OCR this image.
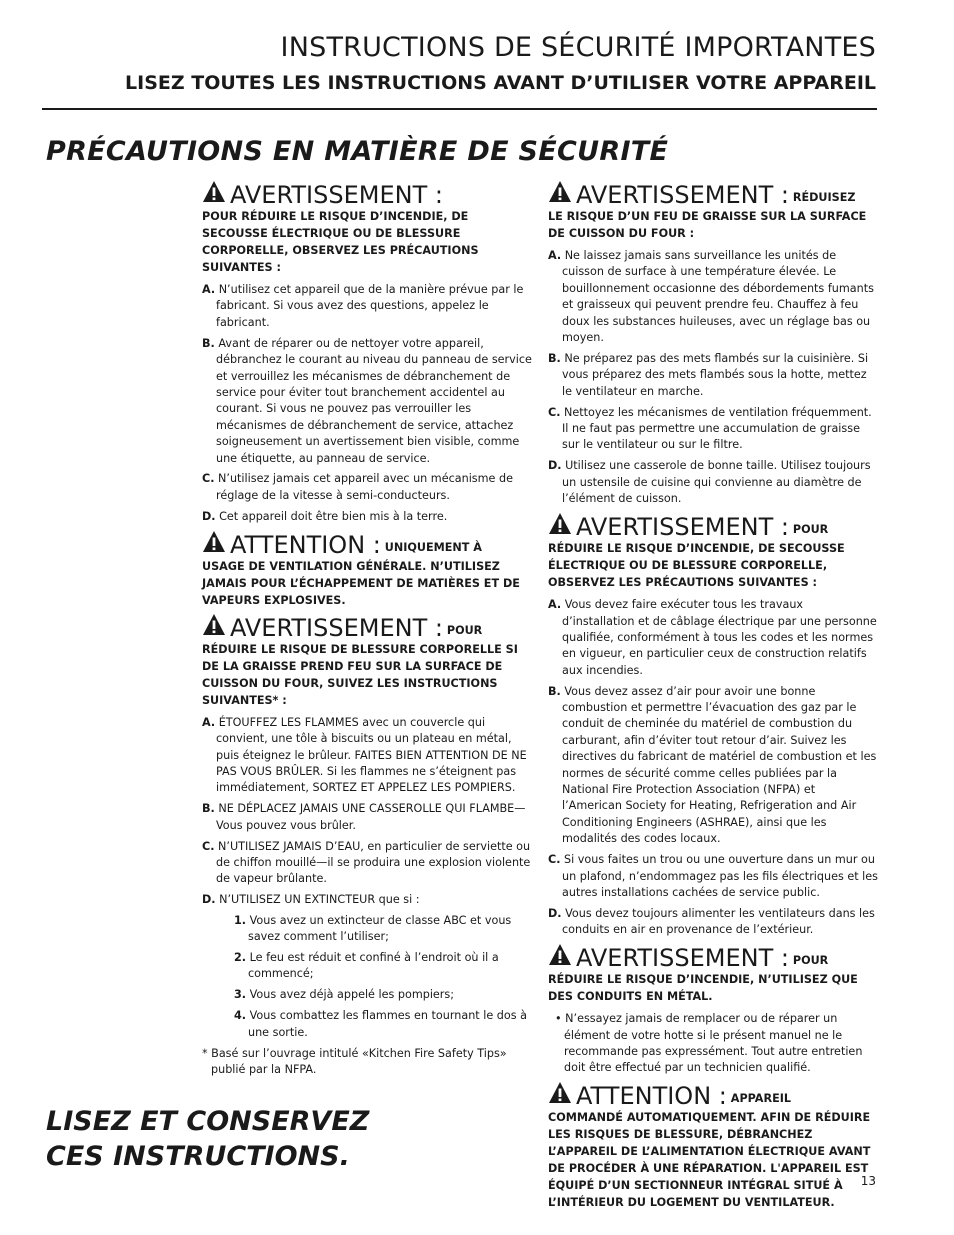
INSTRUCTIONS DE SÉCURITÉ IMPORTANTES
LISEZ TOUTES LES INSTRUCTIONS AVANT D’UTILISER VOTRE APPAREIL
PRÉCAUTIONS EN MATIÈRE DE SÉCURITÉ
AVERTISSEMENT :
POUR RÉDUIRE LE RISQUE D’INCENDIE, DE SECOUSSE ÉLECTRIQUE OU DE BLESSURE CORPORELLE, OBSERVEZ LES PRÉCAUTIONS SUIVANTES :
A. N’utilisez cet appareil que de la manière prévue par le fabricant. Si vous avez des questions, appelez le fabricant.
B. Avant de réparer ou de nettoyer votre appareil, débranchez le courant au niveau du panneau de service et verrouillez les mécanismes de débranchement de service pour éviter tout branchement accidentel au courant. Si vous ne pouvez pas verrouiller les mécanismes de débranchement de service, attachez soigneusement un avertissement bien visible, comme une étiquette, au panneau de service.
C. N’utilisez jamais cet appareil avec un mécanisme de réglage de la vitesse à semi-conducteurs.
D. Cet appareil doit être bien mis à la terre.
ATTENTION : UNIQUEMENT À
USAGE DE VENTILATION GÉNÉRALE. N’UTILISEZ JAMAIS POUR L’ÉCHAPPEMENT DE MATIÈRES ET DE VAPEURS EXPLOSIVES.
AVERTISSEMENT : POUR
RÉDUIRE LE RISQUE DE BLESSURE CORPORELLE SI DE LA GRAISSE PREND FEU SUR LA SURFACE DE CUISSON DU FOUR, SUIVEZ LES INSTRUCTIONS SUIVANTES* :
A. ÉTOUFFEZ LES FLAMMES avec un couvercle qui convient, une tôle à biscuits ou un plateau en métal, puis éteignez le brûleur. FAITES BIEN ATTENTION DE NE PAS VOUS BRÛLER. Si les flammes ne s’éteignent pas immédiatement, SORTEZ ET APPELEZ LES POMPIERS.
B. NE DÉPLACEZ JAMAIS UNE CASSEROLLE QUI FLAMBE— Vous pouvez vous brûler.
C. N’UTILISEZ JAMAIS D’EAU, en particulier de serviette ou de chiffon mouillé—il se produira une explosion violente de vapeur brûlante.
D. N’UTILISEZ UN EXTINCTEUR que si :
1. Vous avez un extincteur de classe ABC et vous savez comment l’utiliser;
2. Le feu est réduit et confiné à l’endroit où il a commencé;
3. Vous avez déjà appelé les pompiers;
4. Vous combattez les flammes en tournant le dos à une sortie.
* Basé sur l’ouvrage intitulé «Kitchen Fire Safety Tips» publié par la NFPA.
AVERTISSEMENT : RÉDUISEZ
LE RISQUE D’UN FEU DE GRAISSE SUR LA SURFACE DE CUISSON DU FOUR :
A. Ne laissez jamais sans surveillance les unités de cuisson de surface à une température élevée. Le bouillonnement occasionne des débordements fumants et graisseux qui peuvent prendre feu. Chauffez à feu doux les substances huileuses, avec un réglage bas ou moyen.
B. Ne préparez pas des mets flambés sur la cuisinière. Si vous préparez des mets flambés sous la hotte, mettez le ventilateur en marche.
C. Nettoyez les mécanismes de ventilation fréquemment. Il ne faut pas permettre une accumulation de graisse sur le ventilateur ou sur le filtre.
D. Utilisez une casserole de bonne taille. Utilisez toujours un ustensile de cuisine qui convienne au diamètre de l’élément de cuisson.
AVERTISSEMENT : POUR
RÉDUIRE LE RISQUE D’INCENDIE, DE SECOUSSE ÉLECTRIQUE OU DE BLESSURE CORPORELLE, OBSERVEZ LES PRÉCAUTIONS SUIVANTES :
A. Vous devez faire exécuter tous les travaux d’installation et de câblage électrique par une personne qualifiée, conformément à tous les codes et les normes en vigueur, en particulier ceux de construction relatifs aux incendies.
B. Vous devez assez d’air pour avoir une bonne combustion et permettre l’évacuation des gaz par le conduit de cheminée du matériel de combustion du carburant, afin d’éviter tout retour d’air. Suivez les directives du fabricant de matériel de combustion et les normes de sécurité comme celles publiées par la National Fire Protection Association (NFPA) et l’American Society for Heating, Refrigeration and Air Conditioning Engineers (ASHRAE), ainsi que les modalités des codes locaux.
C. Si vous faites un trou ou une ouverture dans un mur ou un plafond, n’endommagez pas les fils électriques et les autres installations cachées de service public.
D. Vous devez toujours alimenter les ventilateurs dans les conduits en air en provenance de l’extérieur.
AVERTISSEMENT : POUR
RÉDUIRE LE RISQUE D’INCENDIE, N’UTILISEZ QUE DES CONDUITS EN MÉTAL.
• N’essayez jamais de remplacer ou de réparer un élément de votre hotte si le présent manuel ne le recommande pas expressément. Tout autre entretien doit être effectué par un technicien qualifié.
ATTENTION : APPAREIL
COMMANDÉ AUTOMATIQUEMENT. AFIN DE RÉDUIRE LES RISQUES DE BLESSURE, DÉBRANCHEZ L’APPAREIL DE L’ALIMENTATION ÉLECTRIQUE AVANT DE PROCÉDER À UNE RÉPARATION. L'APPAREIL EST ÉQUIPÉ D’UN SECTIONNEUR INTÉGRAL SITUÉ À L’INTÉRIEUR DU LOGEMENT DU VENTILATEUR.
LISEZ ET CONSERVEZ
CES INSTRUCTIONS.
13
